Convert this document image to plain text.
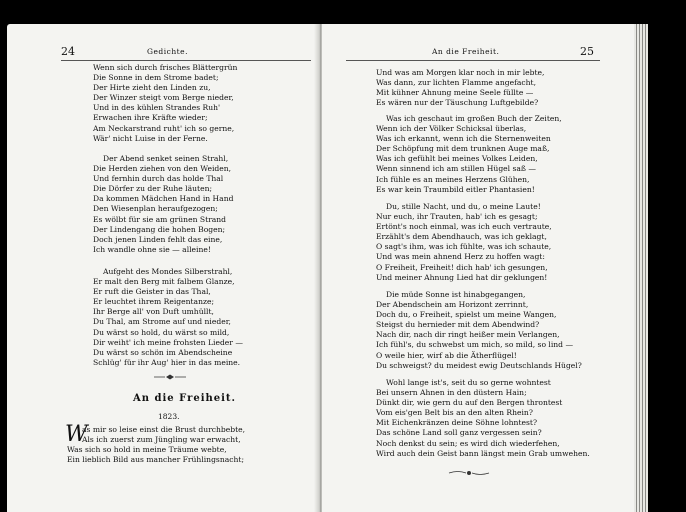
24	Gedichte.
Wenn sich durch frisches Blättergrün
Die Sonne in dem Strome badet;
Der Hirte zieht den Linden zu,
Der Winzer steigt vom Berge nieder,
Und in des kühlen Strandes Ruh'
Erwachen ihre Kräfte wieder;
Am Neckarstrand ruht' ich so gerne,
Wär' nicht Luise in der Ferne.
Der Abend senket seinen Strahl,
Die Herden ziehen von den Weiden,
Und fernhin durch das holde Thal
Die Dörfer zu der Ruhe läuten;
Da kommen Mädchen Hand in Hand
Den Wiesenplan heraufgezogen;
Es wölbt für sie am grünen Strand
Der Lindengang die hohen Bogen;
Doch jenen Linden fehlt das eine,
Ich wandle ohne sie — alleine!
Aufgeht des Mondes Silberstrahl,
Er malt den Berg mit falbem Glanze,
Er ruft die Geister in das Thal,
Er leuchtet ihrem Reigentanze;
Ihr Berge all' von Duft umhüllt,
Du Thal, am Strome auf und nieder,
Du wärst so hold, du wärst so mild,
Dir weiht' ich meine frohsten Lieder —
Du wärst so schön im Abendscheine
Schlüg' für ihr Aug' hier in das meine.
An die Freiheit.
1823.
W
as mir so leise einst die Brust durchbebte,
Als ich zuerst zum Jüngling war erwacht,
Was sich so hold in meine Träume webte,
Ein lieblich Bild aus mancher Frühlingsnacht;
An die Freiheit.	25
Und was am Morgen klar noch in mir lebte,
Was dann, zur lichten Flamme angefacht,
Mit kühner Ahnung meine Seele füllte —
Es wären nur der Täuschung Luftgebilde?
Was ich geschaut im großen Buch der Zeiten,
Wenn ich der Völker Schicksal überlas,
Was ich erkannt, wenn ich die Sternenweiten
Der Schöpfung mit dem trunknen Auge maß,
Was ich gefühlt bei meines Volkes Leiden,
Wenn sinnend ich am stillen Hügel saß —
Ich fühle es an meines Herzens Glühen,
Es war kein Traumbild eitler Phantasien!
Du, stille Nacht, und du, o meine Laute!
Nur euch, ihr Trauten, hab' ich es gesagt;
Ertönt's noch einmal, was ich euch vertraute,
Erzählt's dem Abendhauch, was ich geklagt,
O sagt's ihm, was ich fühlte, was ich schaute,
Und was mein ahnend Herz zu hoffen wagt:
O Freiheit, Freiheit! dich hab' ich gesungen,
Und meiner Ahnung Lied hat dir geklungen!
Die müde Sonne ist hinabgegangen,
Der Abendschein am Horizont zerrinnt,
Doch du, o Freiheit, spielst um meine Wangen,
Steigst du hernieder mit dem Abendwind?
Nach dir, nach dir ringt heißer mein Verlangen,
Ich fühl's, du schwebst um mich, so mild, so lind —
O weile hier, wirf ab die Ätherflügel!
Du schweigst? du meidest ewig Deutschlands Hügel?
Wohl lange ist's, seit du so gerne wohntest
Bei unsern Ahnen in den düstern Hain;
Dünkt dir, wie gern du auf den Bergen throntest
Vom eis'gen Belt bis an den alten Rhein?
Mit Eichenkränzen deine Söhne lohntest?
Das schöne Land soll ganz vergessen sein?
Noch denkst du sein; es wird dich wiederfehen,
Wird auch dein Geist bann längst mein Grab umwehen.
